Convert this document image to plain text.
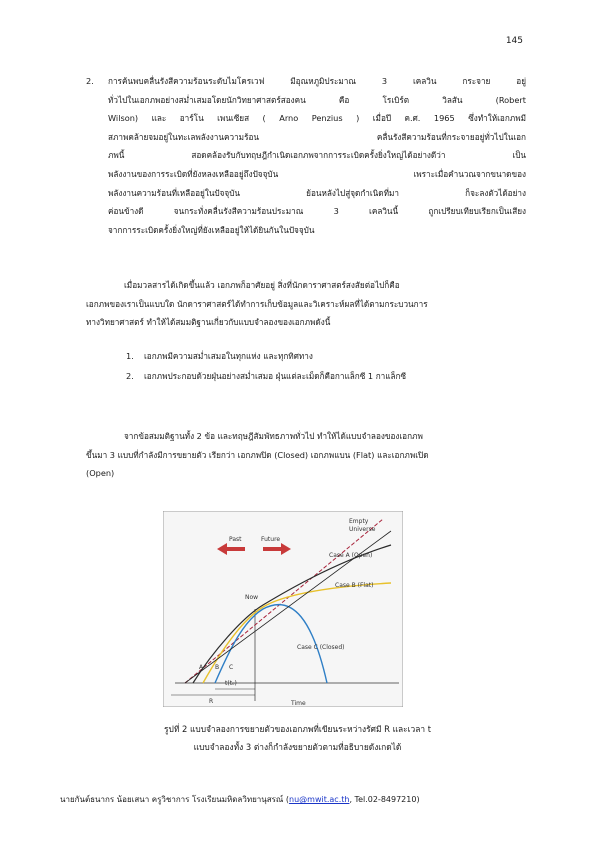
145
2. การค้นพบคลื่นรังสีความร้อนระดับไมโครเวฟ มีอุณหภูมิประมาณ 3 เคลวิน กระจาย อยู่
ทั่วไปในเอกภพอย่างสม่ำเสมอโดยนักวิทยาศาสตร์สองคน คือ โรเบิร์ต วิลสัน (Robert
Wilson) และ อาร์โน เพนเซียส ( Arno Penzius ) เมื่อปี ค.ศ. 1965 ซึ่งทำให้เอกภพมี
สภาพคล้ายจมอยู่ในทะเลพลังงานความร้อน คลื่นรังสีความร้อนที่กระจายอยู่ทั่วไปในเอก
ภพนี้ สอดคล้องรับกับทฤษฎีกำเนิดเอกภพจากการระเบิดครั้งยิ่งใหญ่ได้อย่างดีว่า เป็น
พลังงานของการระเบิดที่ยังหลงเหลืออยู่ถึงปัจจุบัน เพราะเมื่อคำนวณจากขนาดของ
พลังงานความร้อนที่เหลืออยู่ในปัจจุบัน ย้อนหลังไปสู่จุดกำเนิดที่มา ก็จะลงตัวได้อย่าง
ค่อนข้างดี จนกระทั่งคลื่นรังสีความร้อนประมาณ 3 เคลวินนี้ ถูกเปรียบเทียบเรียกเป็นเสียง
จากการระเบิดครั้งยิ่งใหญ่ที่ยังเหลืออยู่ให้ได้ยินกันในปัจจุบัน
เมื่อมวลสารได้เกิดขึ้นแล้ว เอกภพก็อาศัยอยู่ สิ่งที่นักดาราศาสตร์สงสัยต่อไปก็คือ
เอกภพของเราเป็นแบบใด นักดาราศาสตร์ได้ทำการเก็บข้อมูลและวิเคราะห์ผลที่ได้ตามกระบวนการ
ทางวิทยาศาสตร์ ทำให้ได้สมมติฐานเกี่ยวกับแบบจำลองของเอกภพดังนี้
1. เอกภพมีความสม่ำเสมอในทุกแห่ง และทุกทิศทาง
2. เอกภพประกอบด้วยฝุ่นอย่างสม่ำเสมอ ฝุ่นแต่ละเม็ดก็คือกาแล็กซี 1 กาแล็กซี
จากข้อสมมติฐานทั้ง 2 ข้อ และทฤษฎีสัมพัทธภาพทั่วไป ทำให้ได้แบบจำลองของเอกภพ
ขึ้นมา 3 แบบที่กำลังมีการขยายตัว เรียกว่า เอกภพปิด (Closed) เอกภพแบน (Flat) และเอกภพเปิด
(Open)
Past	Future
Empty
Universe
Case A (Open)
Case B (Flat)
Case C (Closed)
Now
A B C
t(t₀)
R	Time
รูปที่ 2 แบบจำลองการขยายตัวของเอกภพที่เขียนระหว่างรัศมี R และเวลา t
แบบจำลองทั้ง 3 ต่างก็กำลังขยายตัวตามที่อธิบายดังเกดได้
นายกันต์ธนากร น้อยเสนา ครูวิชาการ โรงเรียนมหิดลวิทยานุสรณ์ (nu@mwit.ac.th, Tel.02-8497210)
